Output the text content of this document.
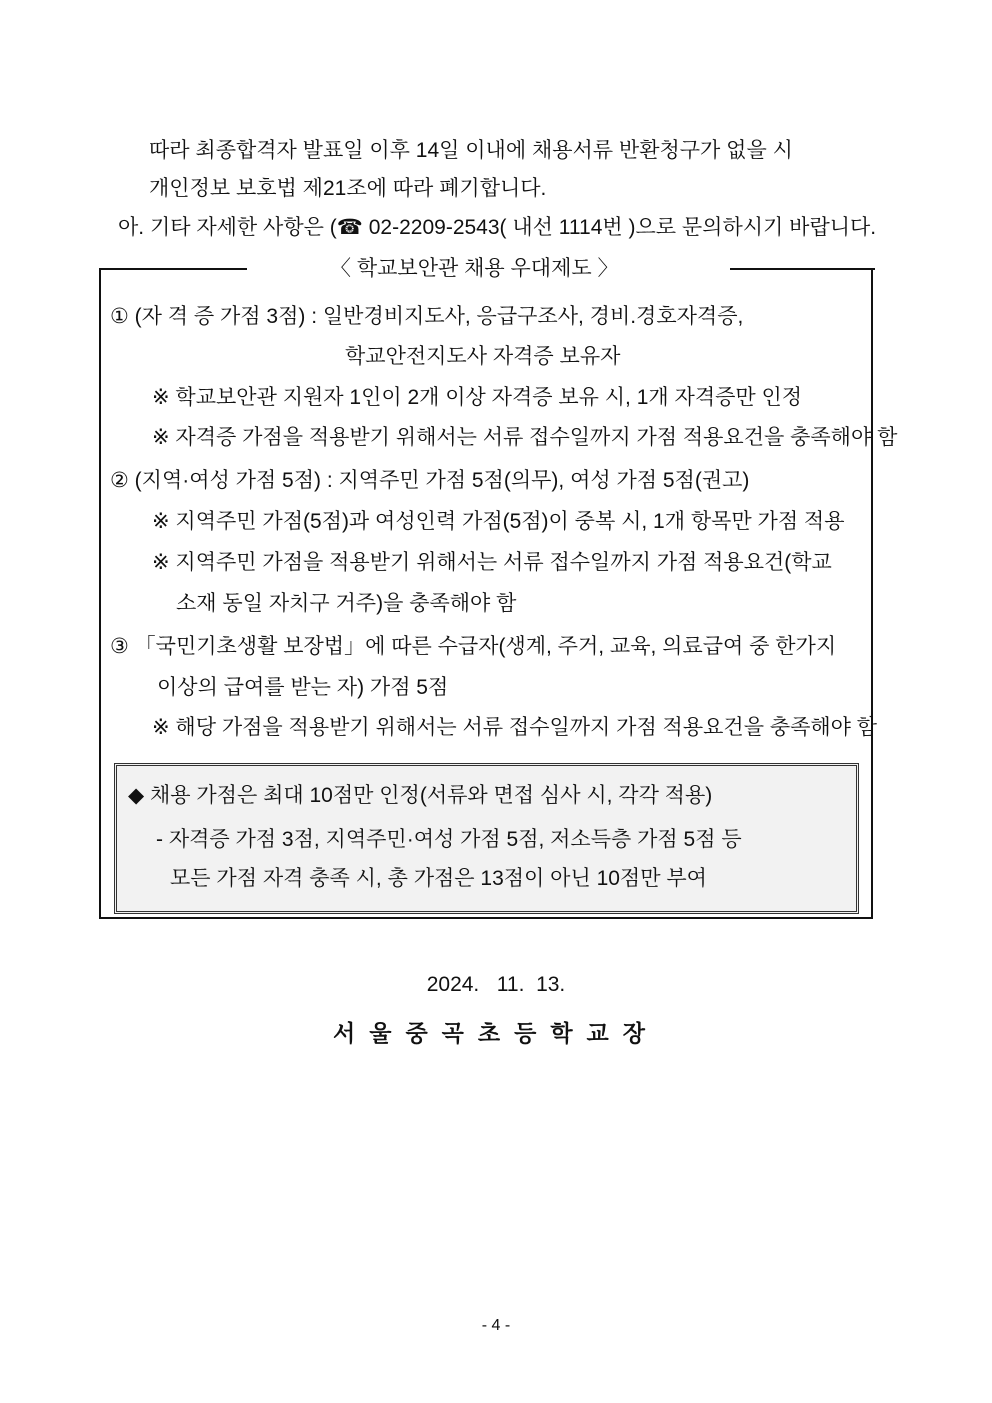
따라 최종합격자 발표일 이후 14일 이내에 채용서류 반환청구가 없을 시
개인정보 보호법 제21조에 따라 폐기합니다.
아. 기타 자세한 사항은 (☎ 02-2209-2543( 내선 1114번 )으로 문의하시기 바랍니다.
〈 학교보안관 채용 우대제도 〉
① (자 격 증 가점 3점) : 일반경비지도사, 응급구조사, 경비.경호자격증,
학교안전지도사 자격증 보유자
※ 학교보안관 지원자 1인이 2개 이상 자격증 보유 시, 1개 자격증만 인정
※ 자격증 가점을 적용받기 위해서는 서류 접수일까지 가점 적용요건을 충족해야 함
② (지역·여성 가점 5점) : 지역주민 가점 5점(의무), 여성 가점 5점(권고)
※ 지역주민 가점(5점)과 여성인력 가점(5점)이 중복 시, 1개 항목만 가점 적용
※ 지역주민 가점을 적용받기 위해서는 서류 접수일까지 가점 적용요건(학교
소재 동일 자치구 거주)을 충족해야 함
③ 「국민기초생활 보장법」에 따른 수급자(생계, 주거, 교육, 의료급여 중 한가지
이상의 급여를 받는 자) 가점 5점
※ 해당 가점을 적용받기 위해서는 서류 접수일까지 가점 적용요건을 충족해야 함
◆ 채용 가점은 최대 10점만 인정(서류와 면접 심사 시, 각각 적용)
- 자격증 가점 3점, 지역주민·여성 가점 5점, 저소득층 가점 5점 등
모든 가점 자격 충족 시, 총 가점은 13점이 아닌 10점만 부여
2024.   11.  13.
서울중곡초등학교장
- 4 -
